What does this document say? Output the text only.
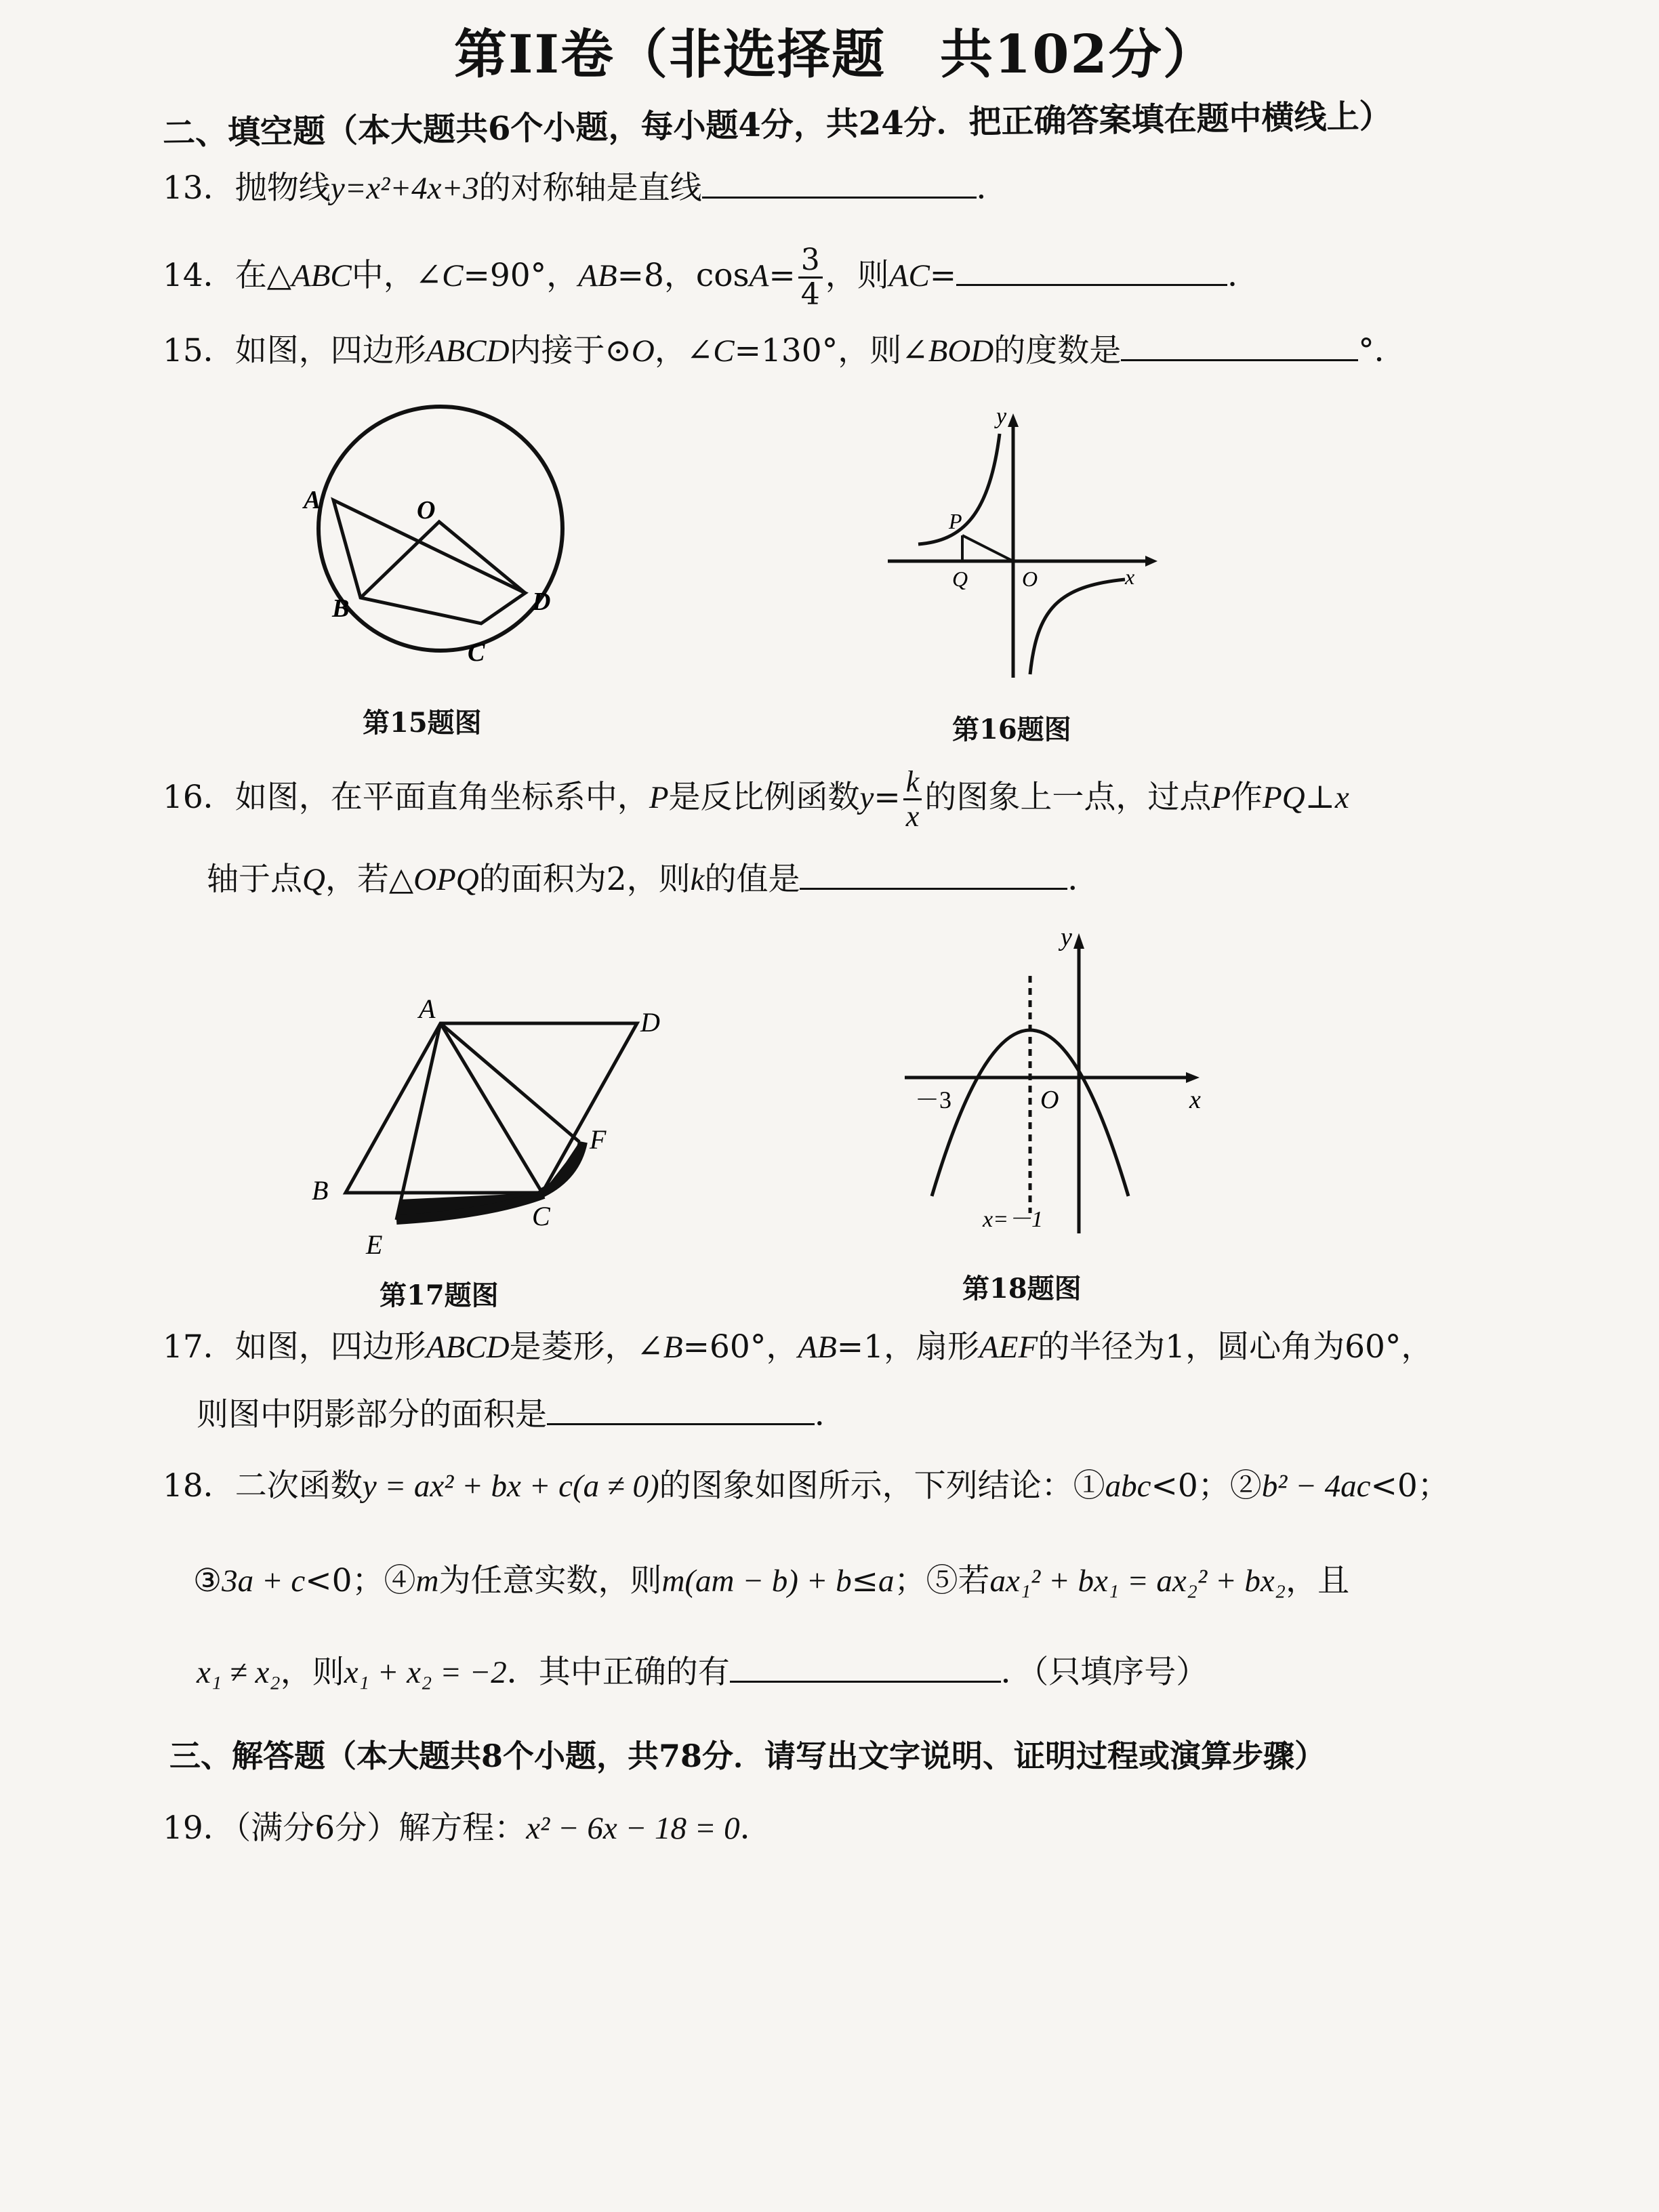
第II卷（非选择题　共102分）
二、填空题（本大题共6个小题，每小题4分，共24分．把正确答案填在题中横线上）
13．抛物线y=x²+4x+3的对称轴是直线	．
14．在△ABC中，∠C=90°，AB=8，$\cos A= \frac{3}{4}$ ，则AC=	．
15．如图，四边形ABCD内接于⊙O，∠C=130°，则∠BOD的度数是	°．
A	O
B
C
D
第15题图
y
P
Q O	x
第16题图
16．如图，在平面直角坐标系中，P是反比例函数$y= \frac{k}{x}$ 的图象上一点，过点P作PQ⊥x
轴于点Q，若△OPQ的面积为2，则k的值是	．
A	D
B
E
C
F
第17题图
y
－3	O	x
x=－1
第18题图
17．如图，四边形ABCD是菱形，∠B=60°，AB=1，扇形AEF的半径为1，圆心角为60°，
则图中阴影部分的面积是	．
18．二次函数y = ax² + bx + c(a ≠ 0)的图象如图所示，下列结论：①abc<0；②b² − 4ac<0；
③3a + c<0；④m为任意实数，则m(am − b) + b≤a；⑤若ax₁² + bx₁ = ax₂² + bx₂，且
x₁ ≠ x₂，则x₁ + x₂ = −2．其中正确的有	．（只填序号）
三、解答题（本大题共8个小题，共78分．请写出文字说明、证明过程或演算步骤）
19．（满分6分）解方程：x² − 6x − 18 = 0．
